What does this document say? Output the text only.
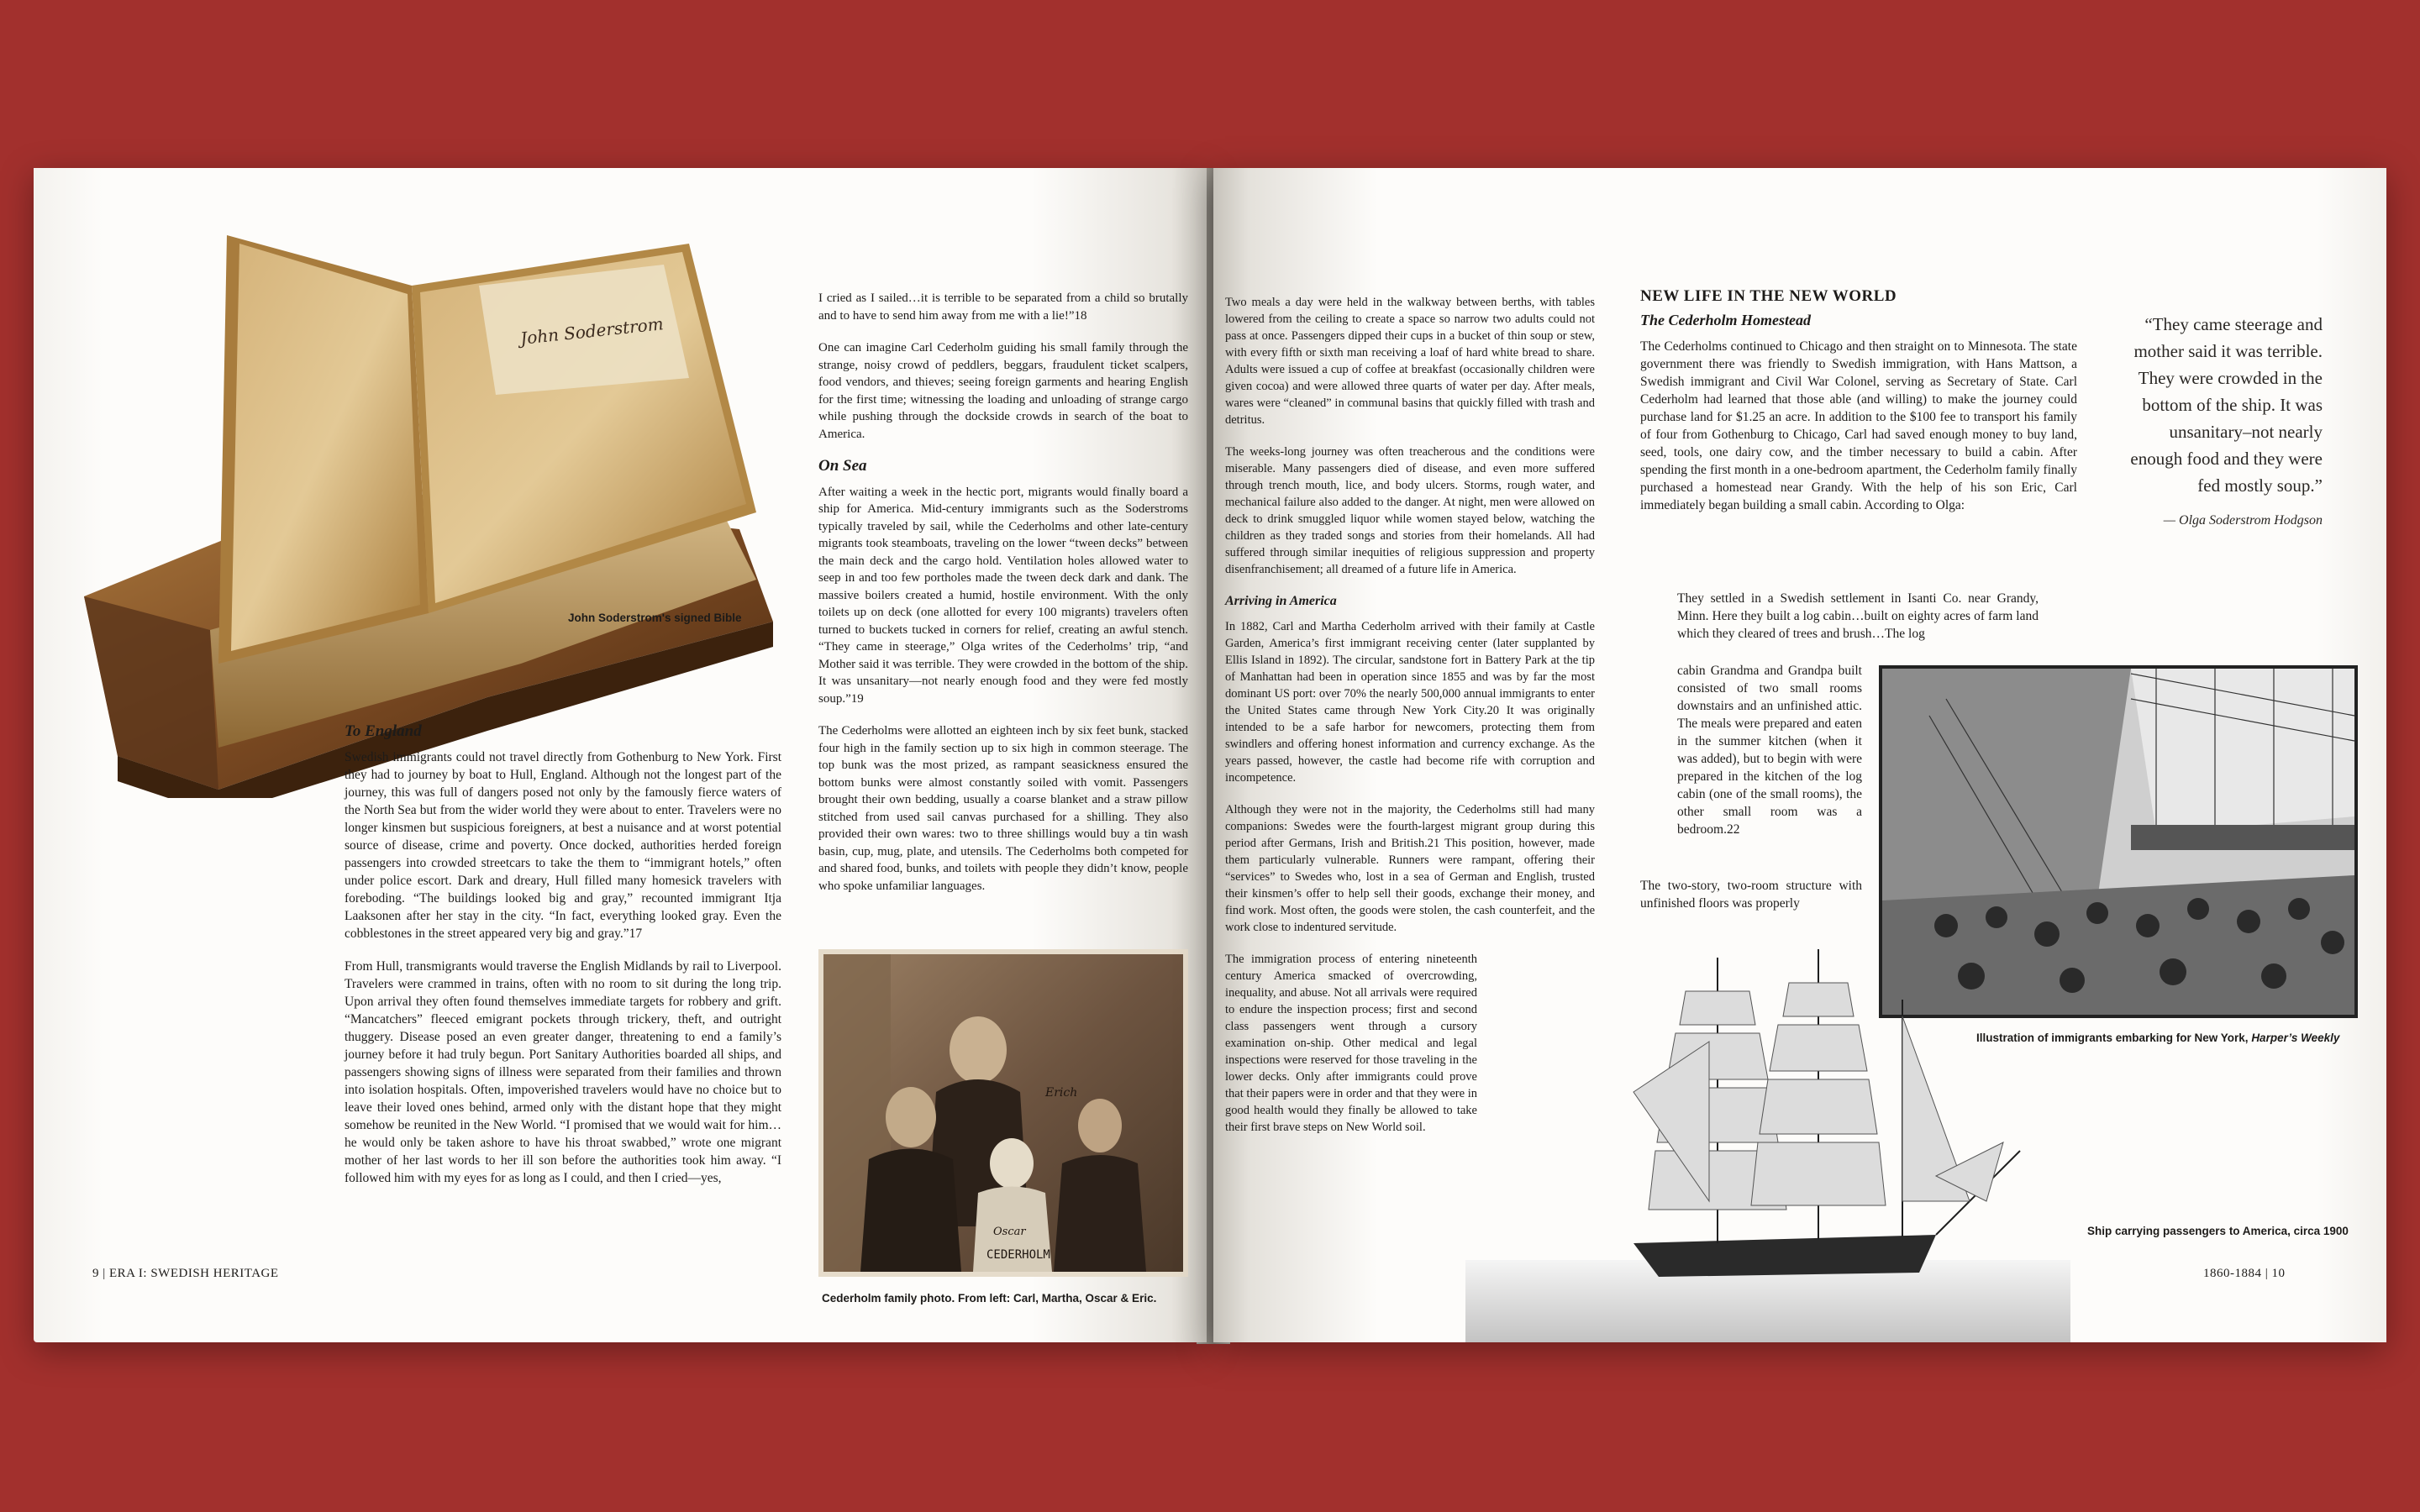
John Soderstrom
John Soderstrom's signed Bible
To England

Swedish immigrants could not travel directly from Gothenburg to New York. First they had to journey by boat to Hull, England. Although not the longest part of the journey, this was full of dangers posed not only by the famously fierce waters of the North Sea but from the wider world they were about to enter. Travelers were no longer kinsmen but suspicious foreigners, at best a nuisance and at worst potential source of disease, crime and poverty. Once docked, authorities herded foreign passengers into crowded streetcars to take the them to “immigrant hotels,” often under police escort. Dark and dreary, Hull filled many homesick travelers with foreboding. “The buildings looked big and gray,” recounted immigrant Itja Laaksonen after her stay in the city. “In fact, everything looked gray. Even the cobblestones in the street appeared very big and gray.”17

From Hull, transmigrants would traverse the English Midlands by rail to Liverpool. Travelers were crammed in trains, often with no room to sit during the long trip. Upon arrival they often found themselves immediate targets for robbery and grift. “Mancatchers” fleeced emigrant pockets through trickery, theft, and outright thuggery. Disease posed an even greater danger, threatening to end a family’s journey before it had truly begun. Port Sanitary Authorities boarded all ships, and passengers showing signs of illness were separated from their families and thrown into isolation hospitals. Often, impoverished travelers would have no choice but to leave their loved ones behind, armed only with the distant hope that they might somehow be reunited in the New World. “I promised that we would wait for him…he would only be taken ashore to have his throat swabbed,” wrote one migrant mother of her last words to her ill son before the authorities took him away. “I followed him with my eyes for as long as I could, and then I cried—yes,

I cried as I sailed…it is terrible to be separated from a child so brutally and to have to send him away from me with a lie!”18

One can imagine Carl Cederholm guiding his small family through the strange, noisy crowd of peddlers, beggars, fraudulent ticket scalpers, food vendors, and thieves; seeing foreign garments and hearing English for the first time; witnessing the loading and unloading of strange cargo while pushing through the dockside crowds in search of the boat to America.

On Sea

After waiting a week in the hectic port, migrants would finally board a ship for America. Mid-century immigrants such as the Soderstroms typically traveled by sail, while the Cederholms and other late-century migrants took steamboats, traveling on the lower “tween decks” between the main deck and the cargo hold. Ventilation holes allowed water to seep in and too few portholes made the tween deck dark and dank. The massive boilers created a humid, hostile environment. With the only toilets up on deck (one allotted for every 100 migrants) travelers often turned to buckets tucked in corners for relief, creating an awful stench. “They came in steerage,” Olga writes of the Cederholms’ trip, “and Mother said it was terrible. They were crowded in the bottom of the ship. It was unsanitary—not nearly enough food and they were fed mostly soup.”19

The Cederholms were allotted an eighteen inch by six feet bunk, stacked four high in the family section up to six high in common steerage. The top bunk was the most prized, as rampant seasickness ensured the bottom bunks were almost constantly soiled with vomit. Passengers brought their own bedding, usually a coarse blanket and a straw pillow stitched from used sail canvas purchased for a shilling. They also provided their own wares: two to three shillings would buy a tin wash basin, cup, mug, plate, and utensils. The Cederholms both competed for and shared food, bunks, and toilets with people they didn’t know, people who spoke unfamiliar languages.

Erich
Oscar
CEDERHOLM
Cederholm family photo. From left: Carl, Martha, Oscar & Eric.
9 | ERA I: SWEDISH HERITAGE

Two meals a day were held in the walkway between berths, with tables lowered from the ceiling to create a space so narrow two adults could not pass at once. Passengers dipped their cups in a bucket of thin soup or stew, with every fifth or sixth man receiving a loaf of hard white bread to share. Adults were issued a cup of coffee at breakfast (occasionally children were given cocoa) and were allowed three quarts of water per day. After meals, wares were “cleaned” in communal basins that quickly filled with trash and detritus.

The weeks-long journey was often treacherous and the conditions were miserable. Many passengers died of disease, and even more suffered through trench mouth, lice, and body ulcers. Storms, rough water, and mechanical failure also added to the danger. At night, men were allowed on deck to drink smuggled liquor while women stayed below, watching the children as they traded songs and stories from their homelands. All had suffered through similar inequities of religious suppression and property disenfranchisement; all dreamed of a future life in America.

Arriving in America

In 1882, Carl and Martha Cederholm arrived with their family at Castle Garden, America’s first immigrant receiving center (later supplanted by Ellis Island in 1892). The circular, sandstone fort in Battery Park at the tip of Manhattan had been in operation since 1855 and was by far the most dominant US port: over 70% the nearly 500,000 annual immigrants to enter the United States came through New York City.20 It was originally intended to be a safe harbor for newcomers, protecting them from swindlers and offering honest information and currency exchange. As the years passed, however, the castle had become rife with corruption and incompetence.

Although they were not in the majority, the Cederholms still had many companions: Swedes were the fourth-largest migrant group during this period after Germans, Irish and British.21 This position, however, made them particularly vulnerable. Runners were rampant, offering their “services” to Swedes who, lost in a sea of German and English, trusted their kinsmen’s offer to help sell their goods, exchange their money, and find work. Most often, the goods were stolen, the cash counterfeit, and the work close to indentured servitude.

The immigration process of entering nineteenth century America smacked of overcrowding, inequality, and abuse. Not all arrivals were required to endure the inspection process; first and second class passengers went through a cursory examination on-ship. Other medical and legal inspections were reserved for those traveling in the lower decks. Only after immigrants could prove that their papers were in order and that they were in good health would they finally be allowed to take their first brave steps on New World soil.

NEW LIFE IN THE NEW WORLD
The Cederholm Homestead

The Cederholms continued to Chicago and then straight on to Minnesota. The state government there was friendly to Swedish immigration, with Hans Mattson, a Swedish immigrant and Civil War Colonel, serving as Secretary of State. Carl Cederholm had learned that those able (and willing) to make the journey could purchase land for $1.25 an acre. In addition to the $100 fee to transport his family of four from Gothenburg to Chicago, Carl had saved enough money to buy land, seed, tools, one dairy cow, and the timber necessary to build a cabin. After spending the first month in a one-bedroom apartment, the Cederholm family finally purchased a homestead near Grandy. With the help of his son Eric, Carl immediately began building a small cabin. According to Olga:

They settled in a Swedish settlement in Isanti Co. near Grandy, Minn. Here they built a log cabin…built on eighty acres of farm land which they cleared of trees and brush…The log
cabin Grandma and Grandpa built consisted of two small rooms downstairs and an unfinished attic. The meals were prepared and eaten in the summer kitchen (when it was added), but to begin with were prepared in the kitchen of the log cabin (one of the small rooms), the other small room was a bedroom.22
The two-story, two-room structure with unfinished floors was properly
“They came steerage and mother said it was terrible. They were crowded in the bottom of the ship. It was unsanitary–not nearly enough food and they were fed mostly soup.”
— Olga Soderstrom Hodgson
Illustration of immigrants embarking for New York, Harper’s Weekly
Ship carrying passengers to America, circa 1900
1860-1884 | 10
